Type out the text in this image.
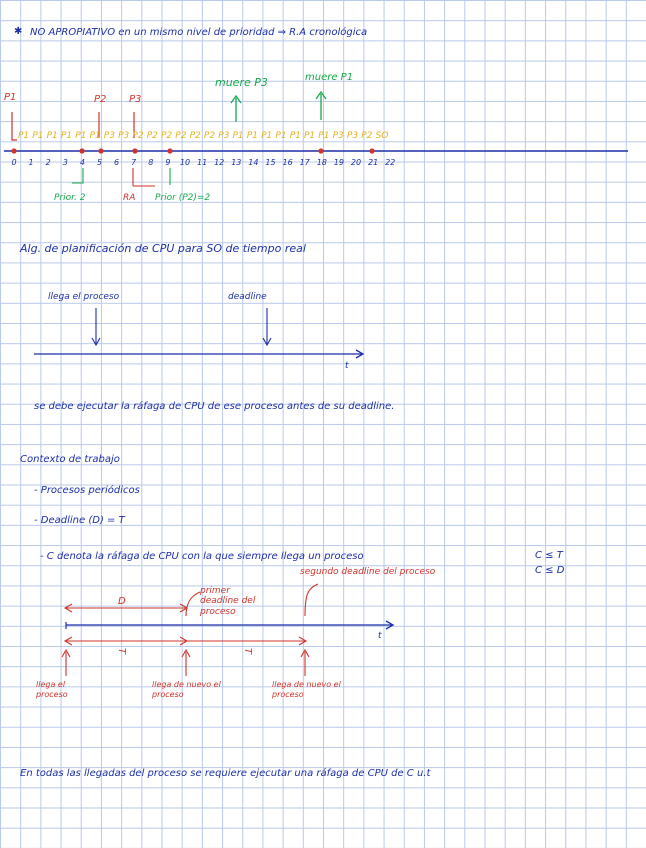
✱ NO APROPIATIVO en un mismo nivel de prioridad ⇒ R.A cronológica
0	1	2	3	4	5	6	7	8	9	10 11 12 13 14 15 16 17 18 19 20 21 22
P1 P1 P1 P1 P1 P1 P3 P3 P2 P2 P2 P2 P2 P2 P3 P1 P1 P1 P1 P1 P1 P1 P3 P3 P2 SO
P1	P2 P3
muere P3	muere P1
Prior. 2	RA Prior (P2)=2
Alg. de planificación de CPU para SO de tiempo real
llega el proceso	deadline
t
se debe ejecutar la ráfaga de CPU de ese proceso antes de su deadline.
Contexto de trabajo
- Procesos periódicos
- Deadline (D) = T
- C denota la ráfaga de CPU con la que siempre llega un proceso	C ≤ T
C ≤ D
segundo deadline del proceso
primer deadline del proceso
D
T	T
t
llega el proceso
llega de nuevo el proceso
llega de nuevo el proceso
En todas las llegadas del proceso se requiere ejecutar una ráfaga de CPU de C u.t
